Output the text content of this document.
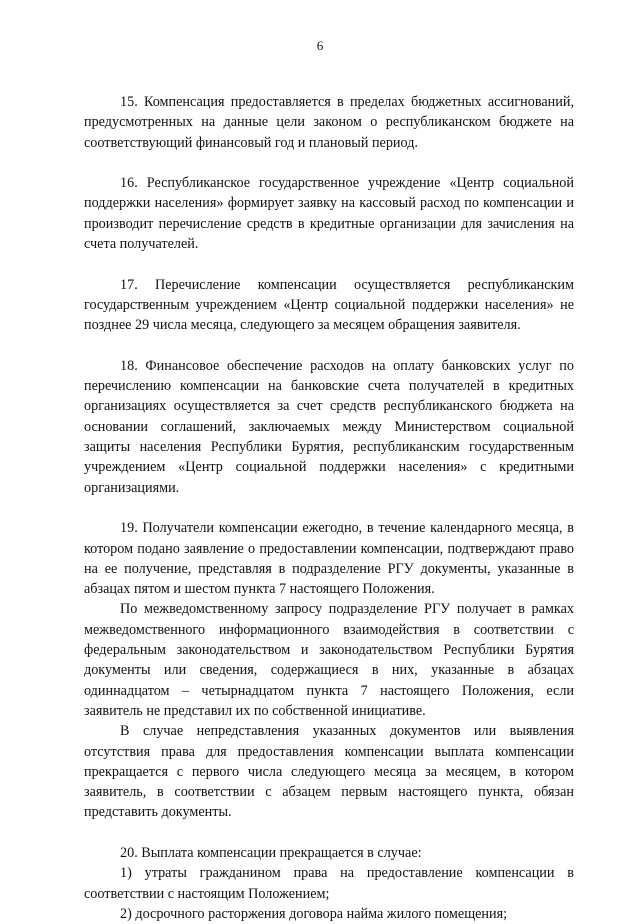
6

15. Компенсация предоставляется в пределах бюджетных ассигнований, предусмотренных на данные цели законом о республиканском бюджете на соответствующий финансовый год и плановый период.

16. Республиканское государственное учреждение «Центр социальной поддержки населения» формирует заявку на кассовый расход по компенсации и производит перечисление средств в кредитные организации для зачисления на счета получателей.

17. Перечисление компенсации осуществляется республиканским государственным учреждением «Центр социальной поддержки населения» не позднее 29 числа месяца, следующего за месяцем обращения заявителя.

18. Финансовое обеспечение расходов на оплату банковских услуг по перечислению компенсации на банковские счета получателей в кредитных организациях осуществляется за счет средств республиканского бюджета на основании соглашений, заключаемых между Министерством социальной защиты населения Республики Бурятия, республиканским государственным учреждением «Центр социальной поддержки населения» с кредитными организациями.

19. Получатели компенсации ежегодно, в течение календарного месяца, в котором подано заявление о предоставлении компенсации, подтверждают право на ее получение, представляя в подразделение РГУ документы, указанные в абзацах пятом и шестом пункта 7 настоящего Положения.

По межведомственному запросу подразделение РГУ получает в рамках межведомственного информационного взаимодействия в соответствии с федеральным законодательством и законодательством Республики Бурятия документы или сведения, содержащиеся в них, указанные в абзацах одиннадцатом – четырнадцатом пункта 7 настоящего Положения, если заявитель не представил их по собственной инициативе.

В случае непредставления указанных документов или выявления отсутствия права для предоставления компенсации выплата компенсации прекращается с первого числа следующего месяца за месяцем, в котором заявитель, в соответствии с абзацем первым настоящего пункта, обязан представить документы.

20. Выплата компенсации прекращается в случае:

1) утраты гражданином права на предоставление компенсации в соответствии с настоящим Положением;

2) досрочного расторжения договора найма жилого помещения;
